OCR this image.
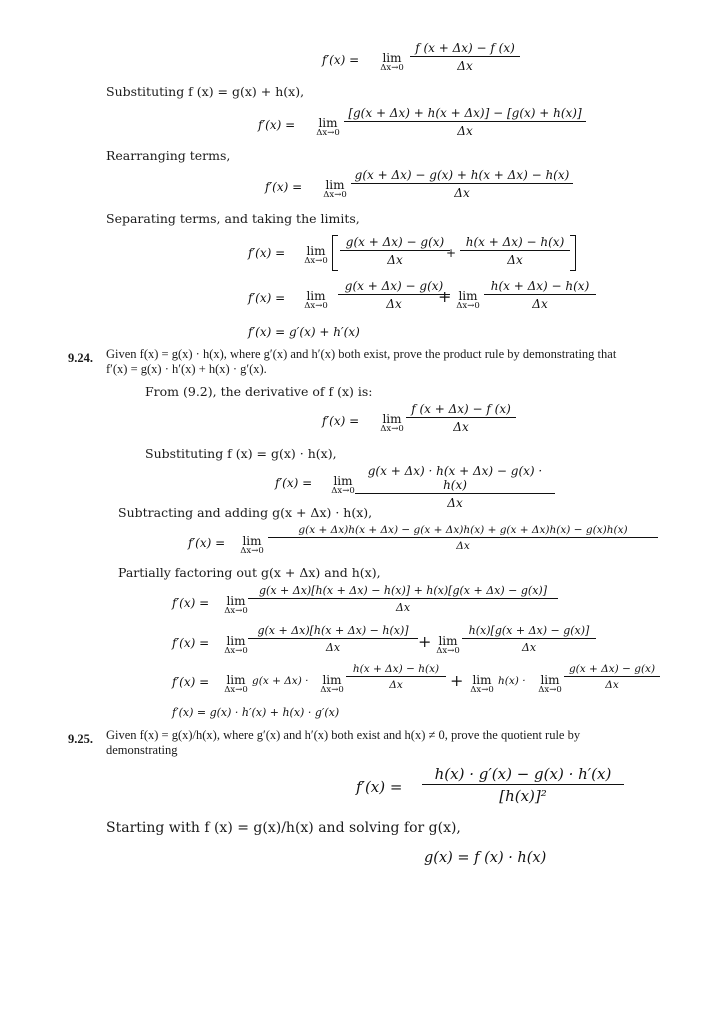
f′(x) =	lim
Δx→0
f (x + Δx) − f (x)
Δx
Substituting f (x) = g(x) + h(x),
f′(x) =	lim
Δx→0
[g(x + Δx) + h(x + Δx)] − [g(x) + h(x)]
Δx
Rearranging terms,
f′(x) =	lim
Δx→0
g(x + Δx) − g(x) + h(x + Δx) − h(x)
Δx
Separating terms, and taking the limits,
f′(x) =	lim
Δx→0
g(x + Δx) − g(x)
Δx	+
h(x + Δx) − h(x)
Δx
f′(x) =	lim
Δx→0
g(x + Δx) − g(x)
Δx	+ lim
Δx→0
h(x + Δx) − h(x)
Δx
f′(x) = g′(x) + h′(x)
9.24. Given f(x) = g(x) · h(x), where g′(x) and h′(x) both exist, prove the product rule by demonstrating that
f′(x) = g(x) · h′(x) + h(x) · g′(x).
From (9.2), the derivative of f (x) is:
f′(x) =	lim
Δx→0
f (x + Δx) − f (x)
Δx
Substituting f (x) = g(x) · h(x),
f′(x) =	lim
Δx→0
g(x + Δx) · h(x + Δx) − g(x) · h(x)
Δx
Subtracting and adding g(x + Δx) · h(x),
f′(x) =	lim
Δx→0
g(x + Δx)h(x + Δx) − g(x + Δx)h(x) + g(x + Δx)h(x) − g(x)h(x)
Δx
Partially factoring out g(x + Δx) and h(x),
f′(x) =	lim
Δx→0
g(x + Δx)[h(x + Δx) − h(x)] + h(x)[g(x + Δx) − g(x)]
Δx
f′(x) =	lim
Δx→0
g(x + Δx)[h(x + Δx) − h(x)]
Δx	+ lim
Δx→0
h(x)[g(x + Δx) − g(x)]
Δx
f′(x) =	lim
Δx→0
g(x + Δx) ·	lim
Δx→0
h(x + Δx) − h(x)
Δx	+ lim
Δx→0
h(x) ·	lim
Δx→0
g(x + Δx) − g(x)
Δx
f′(x) = g(x) · h′(x) + h(x) · g′(x)
9.25. Given f(x) = g(x)/h(x), where g′(x) and h′(x) both exist and h(x) ≠ 0, prove the quotient rule by
demonstrating
f′(x) =
h(x) · g′(x) − g(x) · h′(x)
[h(x)]²
Starting with f (x) = g(x)/h(x) and solving for g(x),
g(x) = f (x) · h(x)
